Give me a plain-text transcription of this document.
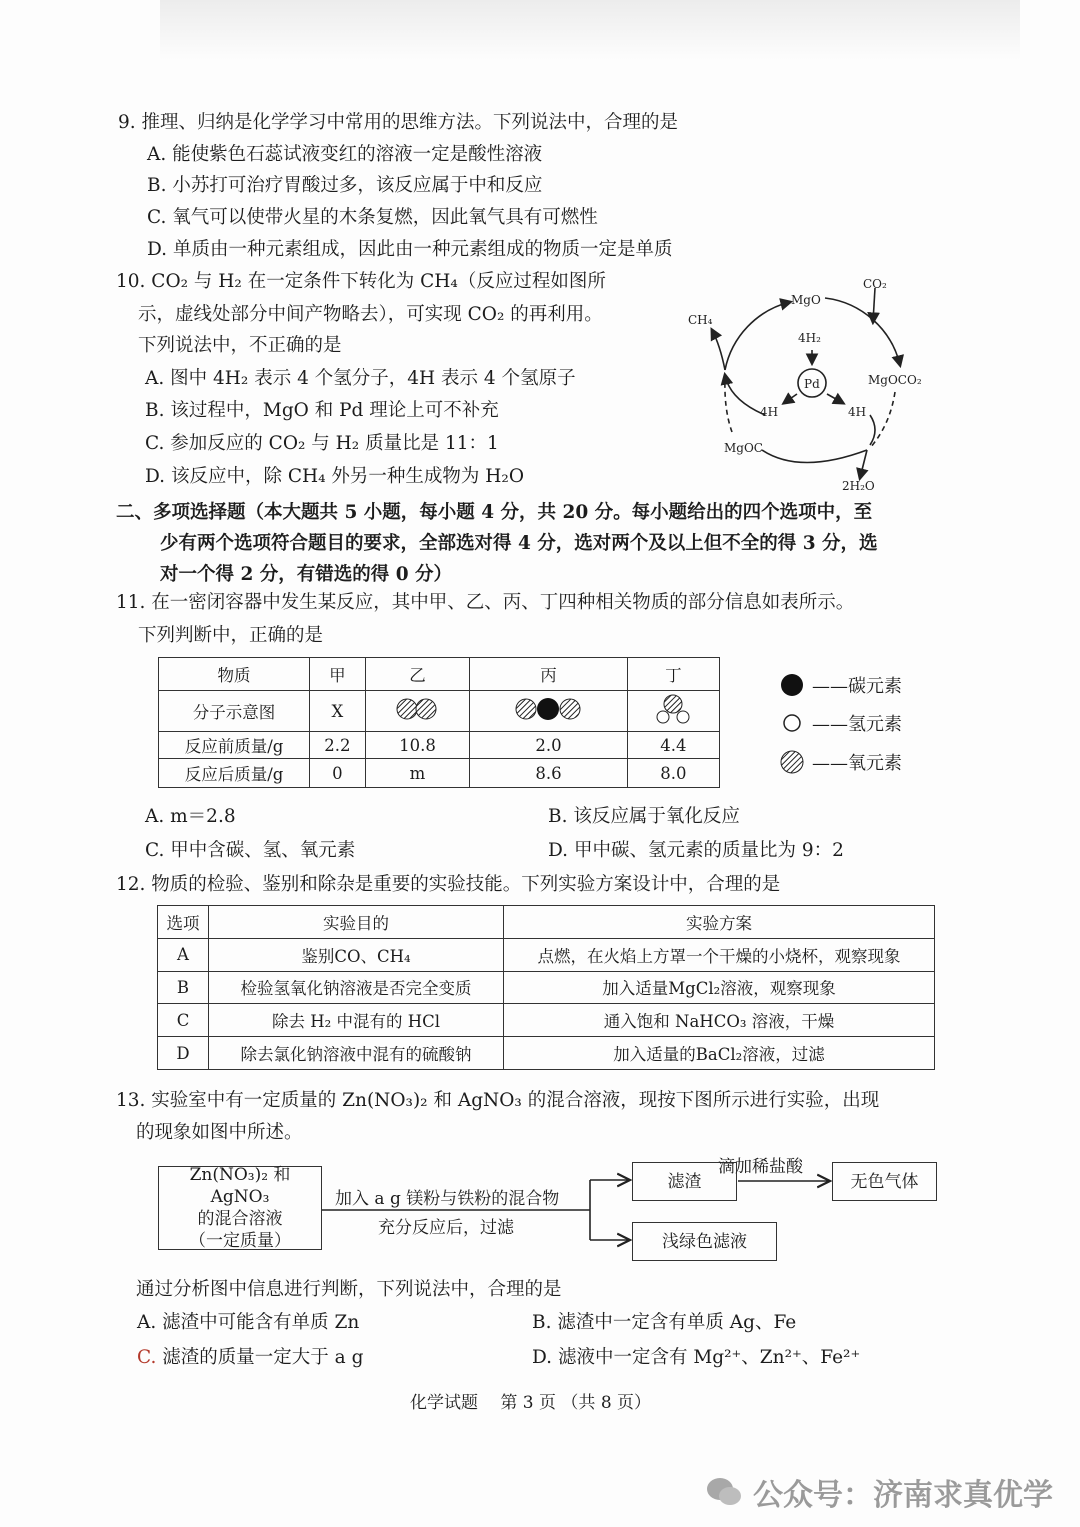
9. 推理、归纳是化学学习中常用的思维方法。下列说法中，合理的是
A. 能使紫色石蕊试液变红的溶液一定是酸性溶液
B. 小苏打可治疗胃酸过多，该反应属于中和反应
C. 氧气可以使带火星的木条复燃，因此氧气具有可燃性
D. 单质由一种元素组成，因此由一种元素组成的物质一定是单质
10. CO₂ 与 H₂ 在一定条件下转化为 CH₄（反应过程如图所
示，虚线处部分中间产物略去），可实现 CO₂ 的再利用。
下列说法中，不正确的是
A. 图中 4H₂ 表示 4 个氢分子，4H 表示 4 个氢原子
B. 该过程中，MgO 和 Pd 理论上可不补充
C. 参加反应的 CO₂ 与 H₂ 质量比是 11：1
D. 该反应中，除 CH₄ 外另一种生成物为 H₂O
CO₂
MgO
CH₄
4H₂
Pd	MgOCO₂
4H	4H
MgOC
2H₂O
二、多项选择题（本大题共 5 小题，每小题 4 分，共 20 分。每小题给出的四个选项中，至
少有两个选项符合题目的要求，全部选对得 4 分，选对两个及以上但不全的得 3 分，选
对一个得 2 分，有错选的得 0 分）
11. 在一密闭容器中发生某反应，其中甲、乙、丙、丁四种相关物质的部分信息如表所示。
下列判断中，正确的是
物质	甲	乙	丙	丁
分子示意图	X			
反应前质量/g	2.2	10.8	2.0	4.4
反应后质量/g	0	m	8.6	8.0
——碳元素
——氢元素
——氧元素
A. m＝2.8	B. 该反应属于氧化反应
C. 甲中含碳、氢、氧元素	D. 甲中碳、氢元素的质量比为 9：2
12. 物质的检验、鉴别和除杂是重要的实验技能。下列实验方案设计中，合理的是
选项	实验目的	实验方案
A	鉴别CO、CH₄	点燃，在火焰上方罩一个干燥的小烧杯，观察现象
B	检验氢氧化钠溶液是否完全变质	加入适量MgCl₂溶液，观察现象
C	除去 H₂ 中混有的 HCl	通入饱和 NaHCO₃ 溶液，干燥
D	除去氯化钠溶液中混有的硫酸钠	加入适量的BaCl₂溶液，过滤
13. 实验室中有一定质量的 Zn(NO₃)₂ 和 AgNO₃ 的混合溶液，现按下图所示进行实验，出现
的现象如图中所述。
Zn(NO₃)₂ 和 AgNO₃
的混合溶液
（一定质量）
加入 a g 镁粉与铁粉的混合物
充分反应后，过滤
滤渣
滴加稀盐酸
无色气体
浅绿色滤液
通过分析图中信息进行判断，下列说法中，合理的是
A. 滤渣中可能含有单质 Zn	B. 滤渣中一定含有单质 Ag、Fe
C. 滤渣的质量一定大于 a g	D. 滤液中一定含有 Mg²⁺、Zn²⁺、Fe²⁺
化学试题　 第 3 页 （共 8 页）
公众号：济南求真优学
